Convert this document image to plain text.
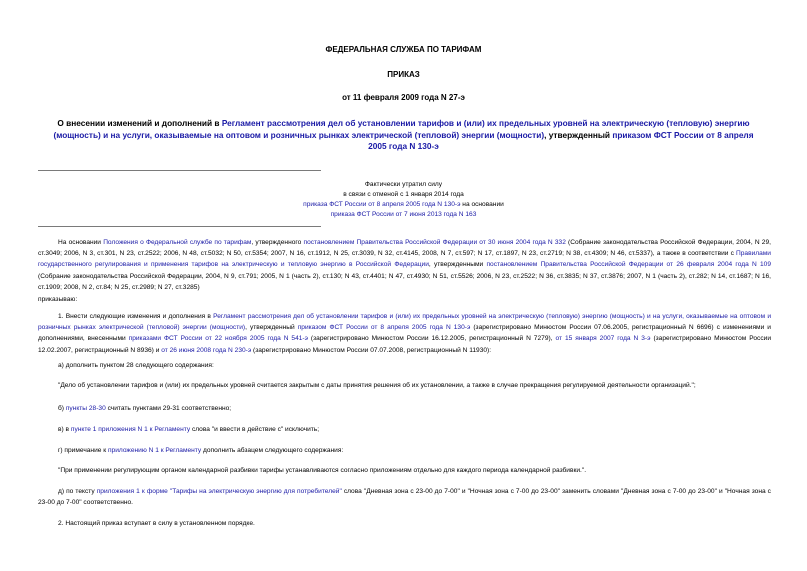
ФЕДЕРАЛЬНАЯ СЛУЖБА ПО ТАРИФАМ
ПРИКАЗ
от 11 февраля 2009 года N 27-э
О внесении изменений и дополнений в Регламент рассмотрения дел об установлении тарифов и (или) их предельных уровней на электрическую (тепловую) энергию (мощность) и на услуги, оказываемые на оптовом и розничных рынках электрической (тепловой) энергии (мощности), утвержденный приказом ФСТ России от 8 апреля 2005 года N 130-э
Фактически утратил силу
в связи с отменой с 1 января 2014 года
приказа ФСТ России от 8 апреля 2005 года N 130-э на основании
приказа ФСТ России от 7 июня 2013 года N 163
На основании Положения о Федеральной службе по тарифам, утвержденного постановлением Правительства Российской Федерации от 30 июня 2004 года N 332 (Собрание законодательства Российской Федерации, 2004, N 29, ст.3049; 2006, N 3, ст.301, N 23, ст.2522; 2006, N 48, ст.5032; N 50, ст.5354; 2007, N 16, ст.1912, N 25, ст.3039, N 32, ст.4145, 2008, N 7, ст.597; N 17, ст.1897, N 23, ст.2719; N 38, ст.4309; N 46, ст.5337), а также в соответствии с Правилами государственного регулирования и применения тарифов на электрическую и тепловую энергию в Российской Федерации, утвержденными постановлением Правительства Российской Федерации от 26 февраля 2004 года N 109 (Собрание законодательства Российской Федерации, 2004, N 9, ст.791; 2005, N 1 (часть 2), ст.130; N 43, ст.4401; N 47, ст.4930; N 51, ст.5526; 2006, N 23, ст.2522; N 36, ст.3835; N 37, ст.3876; 2007, N 1 (часть 2), ст.282; N 14, ст.1687; N 16, ст.1909; 2008, N 2, ст.84; N 25, ст.2989; N 27, ст.3285)
приказываю:
1. Внести следующие изменения и дополнения в Регламент рассмотрения дел об установлении тарифов и (или) их предельных уровней на электрическую (тепловую) энергию (мощность) и на услуги, оказываемые на оптовом и розничных рынках электрической (тепловой) энергии (мощности), утвержденный приказом ФСТ России от 8 апреля 2005 года N 130-э (зарегистрировано Минюстом России 07.06.2005, регистрационный N 6696) с изменениями и дополнениями, внесенными приказами ФСТ России от 22 ноября 2005 года N 541-э (зарегистрировано Минюстом России 16.12.2005, регистрационный N 7279), от 15 января 2007 года N 3-э (зарегистрировано Минюстом России 12.02.2007, регистрационный N 8936) и от 26 июня 2008 года N 230-э (зарегистрировано Минюстом России 07.07.2008, регистрационный N 11930):
а) дополнить пунктом 28 следующего содержания:
"Дело об установлении тарифов и (или) их предельных уровней считается закрытым с даты принятия решения об их установлении, а также в случае прекращения регулируемой деятельности организаций.";
б) пункты 28-30 считать пунктами 29-31 соответственно;
в) в пункте 1 приложения N 1 к Регламенту слова "и ввести в действие с" исключить;
г) примечание к приложению N 1 к Регламенту дополнить абзацем следующего содержания:
"При применении регулирующим органом календарной разбивки тарифы устанавливаются согласно приложениям отдельно для каждого периода календарной разбивки.".
д) по тексту приложения 1 к форме "Тарифы на электрическую энергию для потребителей" слова "Дневная зона с 23-00 до 7-00" и "Ночная зона с 7-00 до 23-00" заменить словами "Дневная зона с 7-00 до 23-00" и "Ночная зона с 23-00 до 7-00" соответственно.
2. Настоящий приказ вступает в силу в установленном порядке.
